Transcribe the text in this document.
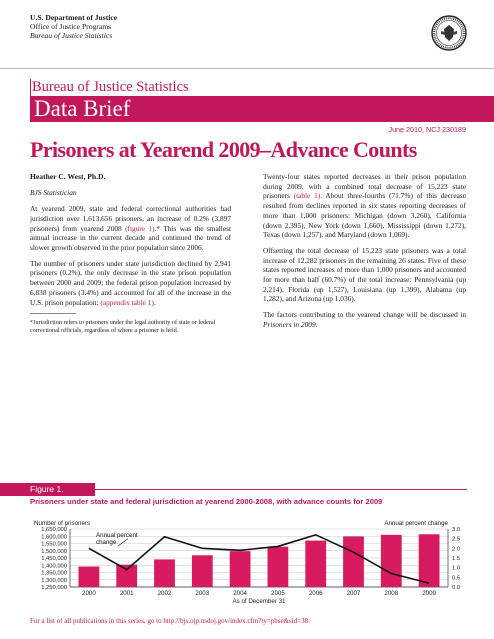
U.S. Department of Justice
Office of Justice Programs
Bureau of Justice Statistics
Bureau of Justice Statistics
Data Brief
June 2010, NCJ 230189
Prisoners at Yearend 2009–Advance Counts

Heather C. West, Ph.D.

BJS Statistician

At yearend 2009, state and federal correctional authorities had jurisdiction over 1,613,656 prisoners, an increase of 0.2% (3,897 prisoners) from yearend 2008 (figure 1).* This was the smallest annual increase in the current decade and continued the trend of slower growth observed in the prior population since 2006.

The number of prisoners under state jurisdiction declined by 2,941 prisoners (0.2%), the only decrease in the state prison population between 2000 and 2009; the federal prison population increased by 6,838 prisoners (3.4%) and accounted for all of the increase in the U.S. prison population; (appendix table 1).

*Jurisdiction refers to prisoners under the legal authority of state or federal correctional officials, regardless of where a prisoner is held.

Twenty-four states reported decreases in their prison population during 2009, with a combined total decrease of 15,223 state prisoners (table 1). About three-fourths (71.7%) of this decrease resulted from declines reported in six states reporting decreases of more than 1,000 prisoners: Michigan (down 3,260), California (down 2,395), New York (down 1,660), Mississippi (down 1,272), Texas (down 1,257), and Maryland (down 1,069).

Offsetting the total decrease of 15,223 state prisoners was a total increase of 12,282 prisoners in the remaining 26 states. Five of these states reported increases of more than 1,000 prisoners and accounted for more than half (60.7%) of the total increase: Pennsylvania (up 2,214), Florida (up 1,527), Louisiana (up 1,399), Alabama (up 1,282), and Arizona (up 1,036).

The factors contributing to the yearend change will be discussed in Prisoners in 2009.

Figure 1.
Prisoners under state and federal jurisdiction at yearend 2000-2008, with advance counts for 2009
Number of prisoners	Annual percent change
1,250,000
1,300,000
1,350,000
1,400,000
1,450,000
1,500,000
1,550,000
1,600,000
1,650,000
0.0
0.5
1.0
1.5
2.0
2.5
3.0
2000	2001	2002	2003	2004	2005	2006	2007	2008	2009
As of December 31
Annual percent change
For a list of all publications in this series, go to http://bjs.ojp.usdoj.gov/index.cfm?ty=pbse&sid=38.
